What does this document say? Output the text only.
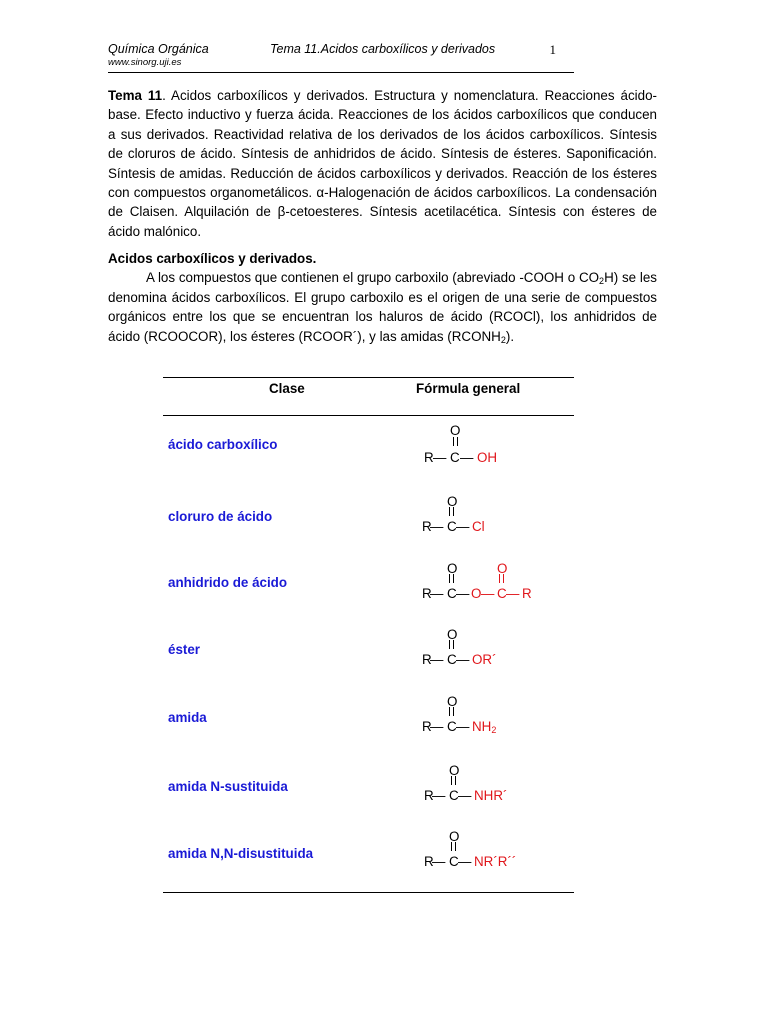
Química Orgánica
www.sinorg.uji.es
Tema 11.Acidos carboxílicos y derivados	1

Tema 11. Acidos carboxílicos y derivados. Estructura y nomenclatura. Reacciones ácido-base. Efecto inductivo y fuerza ácida. Reacciones de los ácidos carboxílicos que conducen a sus derivados. Reactividad relativa de los derivados de los ácidos carboxílicos. Síntesis de cloruros de ácido. Síntesis de anhidridos de ácido. Síntesis de ésteres. Saponificación. Síntesis de amidas. Reducción de ácidos carboxílicos y derivados. Reacción de los ésteres con compuestos organometálicos. α-Halogenación de ácidos carboxílicos. La condensación de Claisen. Alquilación de β-cetoesteres. Síntesis acetilacética. Síntesis con ésteres de ácido malónico.

Acidos carboxílicos y derivados.

A los compuestos que contienen el grupo carboxilo (abreviado -COOH o $CO_2H$) se les denomina ácidos carboxílicos. El grupo carboxilo es el origen de una serie de compuestos orgánicos entre los que se encuentran los haluros de ácido (RCOCl), los anhidridos de ácido (RCOOCOR), los ésteres (RCOOR´), y las amidas $(RCONH_2)$.

Clase	Fórmula general
ácido carboxílico
O
R — C — OH
cloruro de ácido
O
R
— C — Cl
anhidrido de ácido
O
R
— C — O —
O
C — R
éster
O
R
— C — OR´
amida
O
R
— C — $NH_2$
amida N-sustituida
O
R
— C — NHR´
amida N,N-disustituida
O
R
— C — NR´R´´
